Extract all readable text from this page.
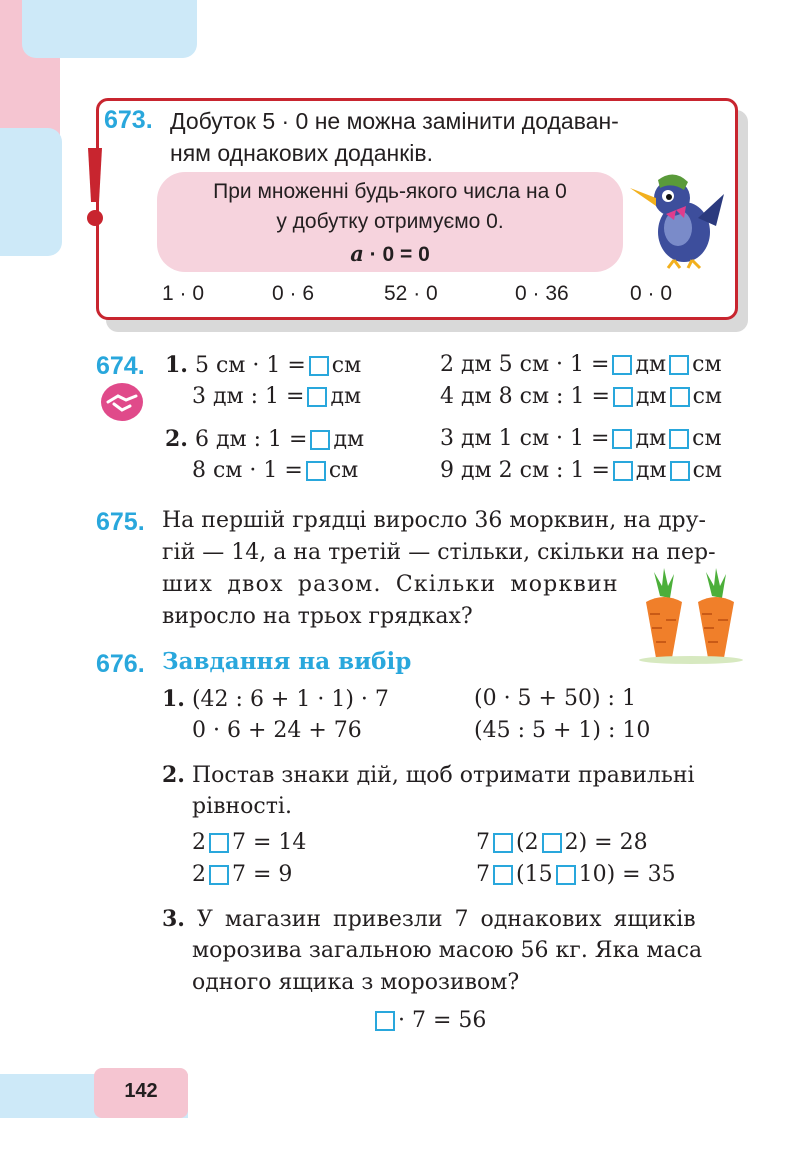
673. Добуток 5 · 0 не можна замінити додаван-
ням однакових доданків.
При множенні будь-якого числа на 0
у добутку отримуємо 0.
a · 0 = 0
1 · 0	0 · 6	52 · 0	0 · 36	0 · 0
674. 1. 5 см · 1 = см	2 дм 5 см · 1 = дм см
3 дм : 1 = дм	4 дм 8 см : 1 = дм см
2. 6 дм : 1 = дм	3 дм 1 см · 1 = дм см
8 см · 1 = см	9 дм 2 см : 1 = дм см
675. На першій грядці виросло 36 морквин, на дру-
гій — 14, а на третій — стільки, скільки на пер-
ших двох разом. Скільки морквин
виросло на трьох грядках?
676. Завдання на вибір
1. (42 : 6 + 1 · 1) · 7	(0 · 5 + 50) : 1
0 · 6 + 24 + 76	(45 : 5 + 1) : 10
2. Постав знаки дій, щоб отримати правильні
рівності.
2 7 = 14	7 (2 2) = 28
2 7 = 9	7 (15 10) = 35
3. У магазин привезли 7 однакових ящиків
морозива загальною масою 56 кг. Яка маса
одного ящика з морозивом?
· 7 = 56
142
